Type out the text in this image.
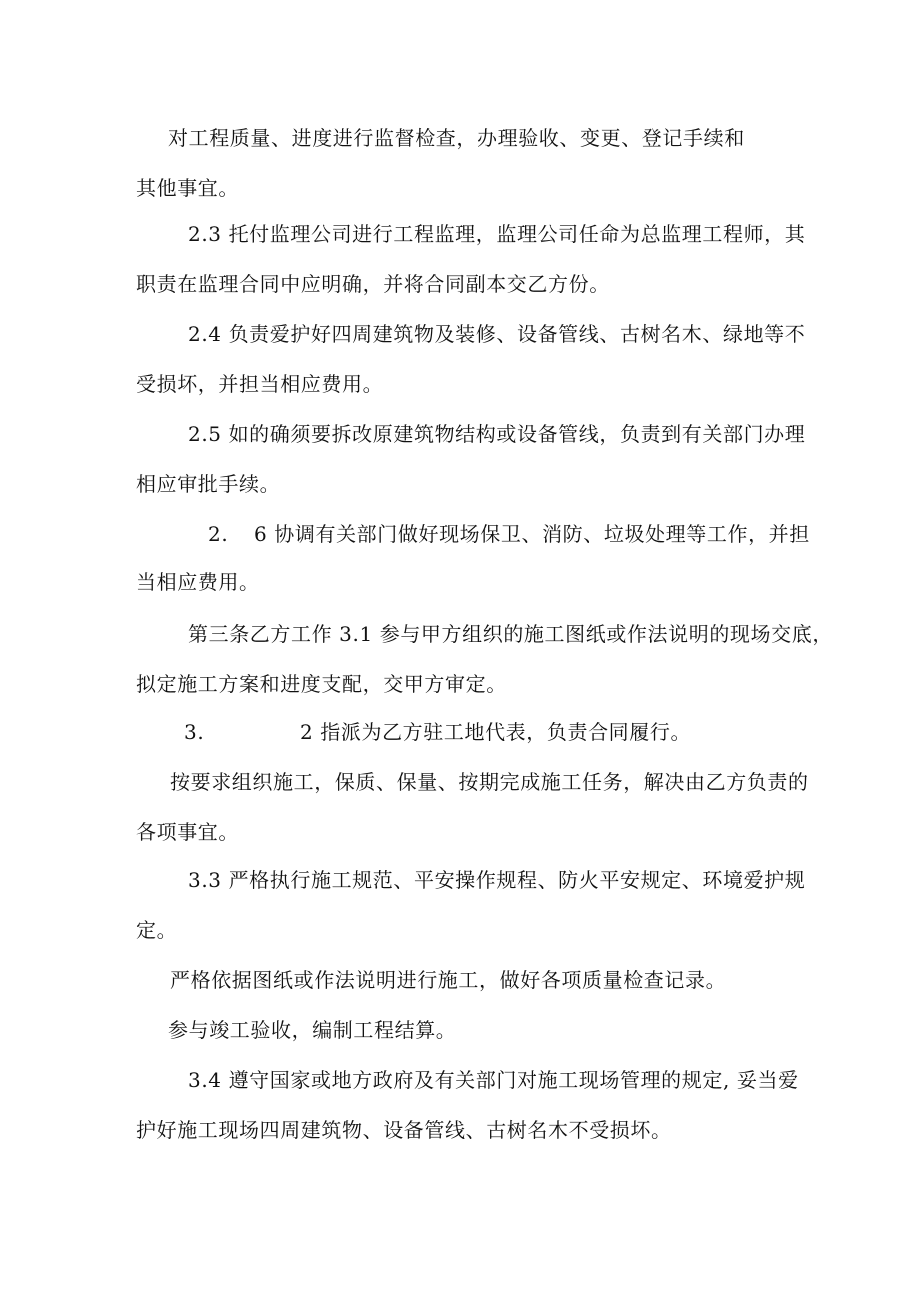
对工程质量、进度进行监督检查，办理验收、变更、登记手续和
其他事宜。
2.3 托付监理公司进行工程监理，监理公司任命为总监理工程师，其
职责在监理合同中应明确，并将合同副本交乙方份。
2.4 负责爱护好四周建筑物及装修、设备管线、古树名木、绿地等不
受损坏，并担当相应费用。
2.5 如的确须要拆改原建筑物结构或设备管线，负责到有关部门办理
相应审批手续。
2. 6 协调有关部门做好现场保卫、消防、垃圾处理等工作，并担
当相应费用。
第三条乙方工作 3.1 参与甲方组织的施工图纸或作法说明的现场交底，
拟定施工方案和进度支配，交甲方审定。
3.	2 指派为乙方驻工地代表，负责合同履行。
按要求组织施工，保质、保量、按期完成施工任务，解决由乙方负责的
各项事宜。
3.3 严格执行施工规范、平安操作规程、防火平安规定、环境爱护规
定。
严格依据图纸或作法说明进行施工，做好各项质量检查记录。
参与竣工验收，编制工程结算。
3.4 遵守国家或地方政府及有关部门对施工现场管理的规定, 妥当爱
护好施工现场四周建筑物、设备管线、古树名木不受损坏。
